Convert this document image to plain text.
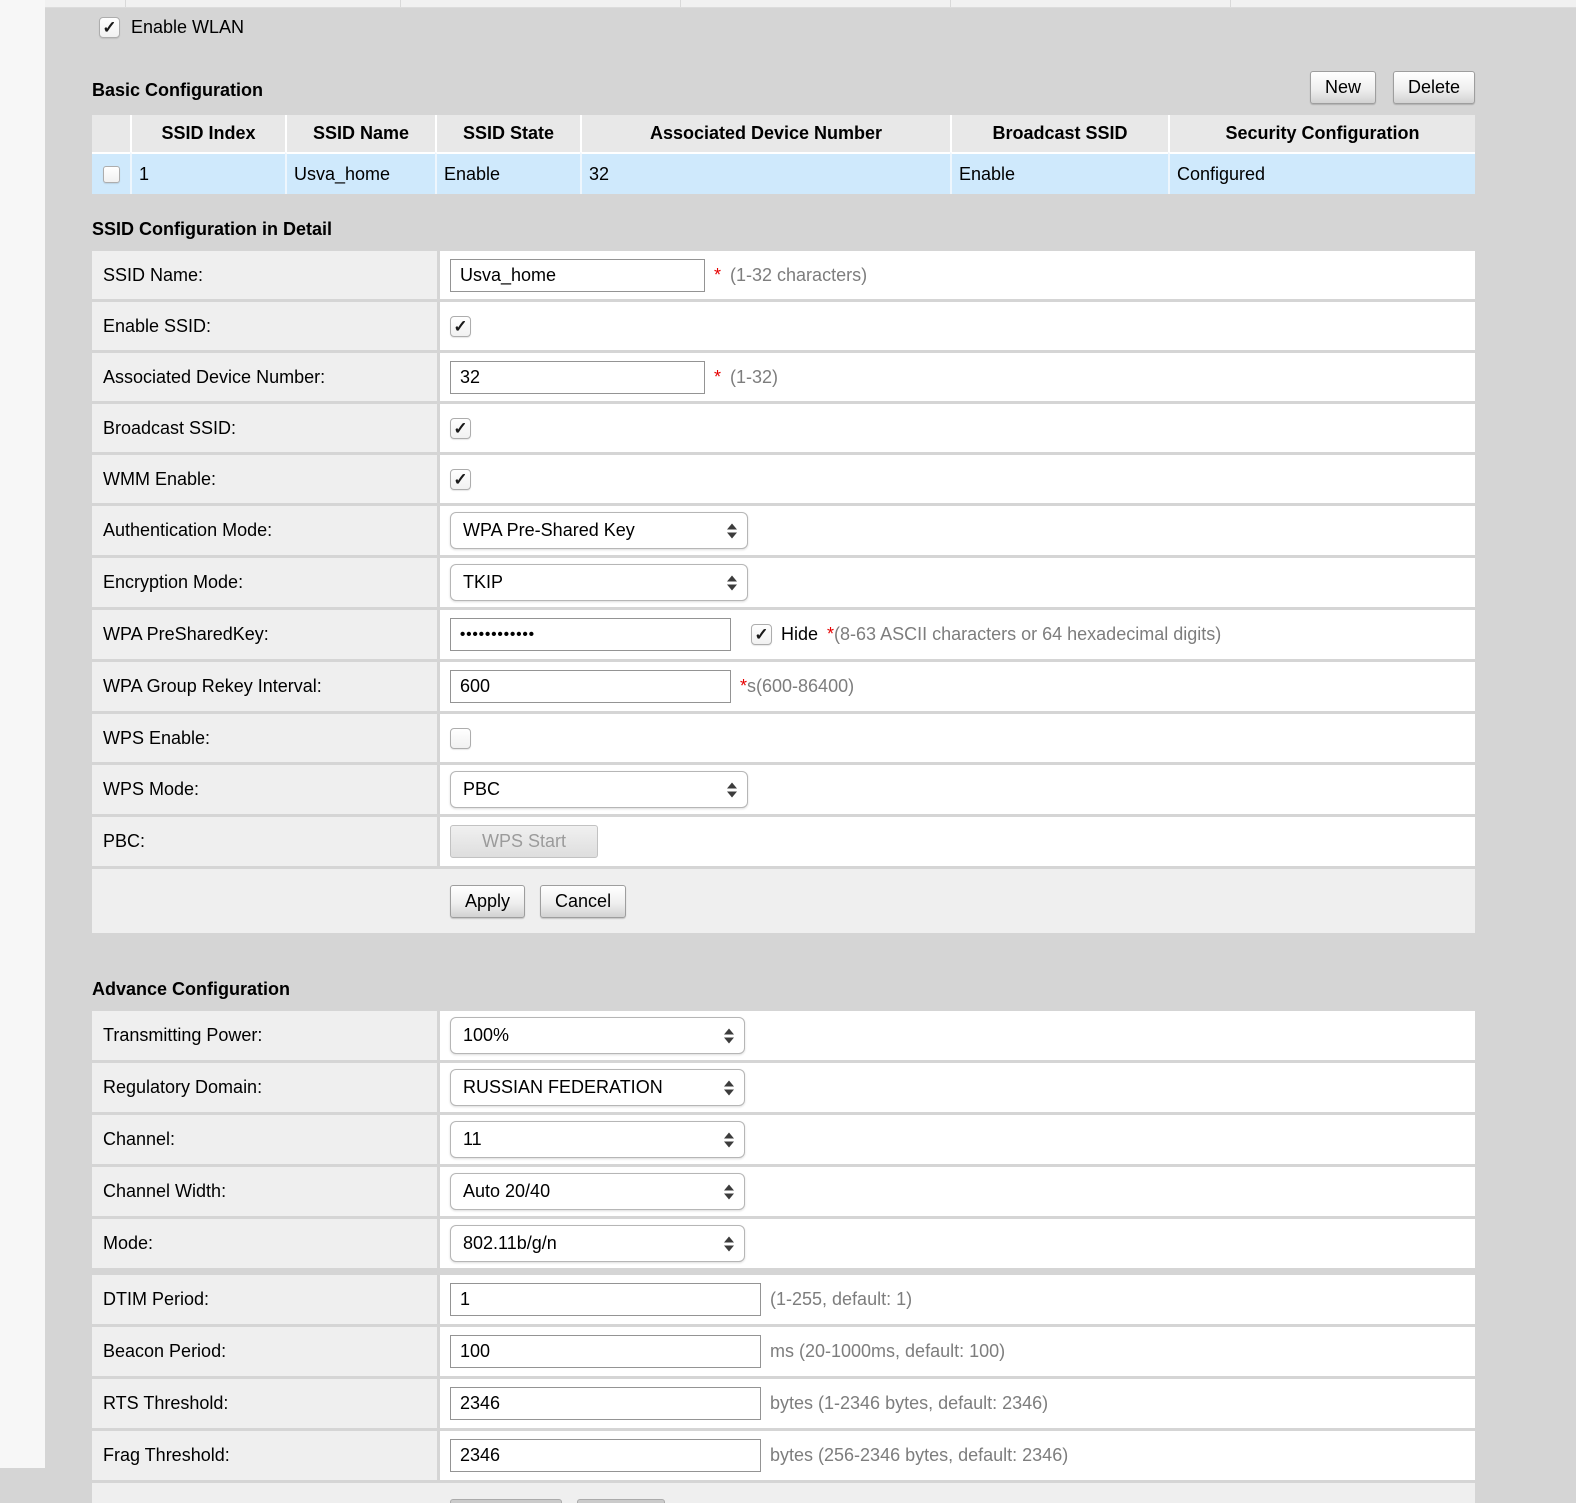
✓
Enable WLAN
Basic Configuration	New	Delete
SSID Index	SSID Name	SSID State	Associated Device Number	Broadcast SSID	Security Configuration
1	Usva_home	Enable	32	Enable	Configured
SSID Configuration in Detail
SSID Name:
Usva_home	* (1-32 characters)
Enable SSID:
✓
Associated Device Number:
32	* (1-32)
Broadcast SSID:
✓
WMM Enable:
✓
Authentication Mode:	WPA Pre-Shared Key
Encryption Mode:	TKIP
WPA PreSharedKey:
•••••••••••• ✓	Hide * (8-63 ASCII characters or 64 hexadecimal digits)
WPA Group Rekey Interval:
600	* s(600-86400)
WPS Enable:
WPS Mode:	PBC
PBC:	WPS Start
Apply	Cancel
Advance Configuration
Transmitting Power:	100%
Regulatory Domain:	RUSSIAN FEDERATION
Channel:	11
Channel Width:	Auto 20/40
Mode:	802.11b/g/n
DTIM Period:
1	(1-255, default: 1)
Beacon Period:
100	ms (20-1000ms, default: 100)
RTS Threshold:
2346	bytes (1-2346 bytes, default: 2346)
Frag Threshold:
2346	bytes (256-2346 bytes, default: 2346)
